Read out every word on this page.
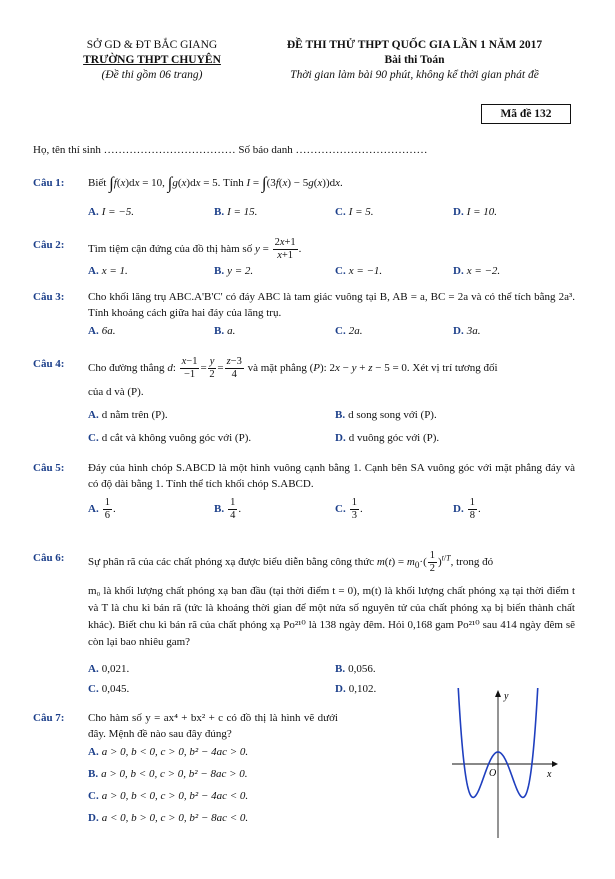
SỞ GD & ĐT BẮC GIANG
TRƯỜNG THPT CHUYÊN
(Đề thi gồm 06 trang)
ĐỀ THI THỬ THPT QUỐC GIA LẦN 1 NĂM 2017
Bài thi Toán
Thời gian làm bài 90 phút, không kể thời gian phát đề
Mã đề 132
Họ, tên thí sinh ……………………………… Số báo danh ………………………………
Câu 1: Biết ∫f(x)dx = 10, ∫g(x)dx = 5. Tính I = ∫(3f(x) − 5g(x))dx.
A. I = −5.	B. I = 15.	C. I = 5.	D. I = 10.
Câu 2: Tìm tiệm cận đứng của đồ thị hàm số $y = \frac{2x+1}{x+1}$ .
A. x = 1.	B. y = 2.	C. x = −1.	D. x = −2.
Câu 3: Cho khối lăng trụ ABC.A'B'C' có đáy ABC là tam giác vuông tại B, AB = a, BC = 2a và có thể tích bằng 2a³. Tính khoảng cách giữa hai đáy của lăng trụ.
A. 6a.	B. a.	C. 2a.	D. 3a.
Câu 4: Cho đường thẳng d: $\frac{x-1}{-1} = \frac{y}{2} = \frac{z-3}{4}$ và mặt phẳng (P): 2x − y + z − 5 = 0. Xét vị trí tương đối
của d và (P).
A. d nằm trên (P).	B. d song song với (P).
C. d cắt và không vuông góc với (P).	D. d vuông góc với (P).
Câu 5: Đáy của hình chóp S.ABCD là một hình vuông cạnh bằng 1. Cạnh bên SA vuông góc với mặt phẳng đáy và có độ dài bằng 1. Tính thể tích khối chóp S.ABCD.
A. $\frac{1}{6}$ .	B. $\frac{1}{4}$ .	C. $\frac{1}{3}$ .	D. $\frac{1}{8}$ .
Câu 6: Sự phân rã của các chất phóng xạ được biểu diễn bằng công thức $m(t) = m_0\cdot( \frac{1}{2} )^{t/T}$, trong đó
m₀ là khối lượng chất phóng xạ ban đầu (tại thời điểm t = 0), m(t) là khối lượng chất phóng xạ tại thời điểm t và T là chu kì bán rã (tức là khoảng thời gian để một nửa số nguyên tử của chất phóng xạ bị biến thành chất khác). Biết chu kì bán rã của chất phóng xạ Po²¹⁰ là 138 ngày đêm. Hỏi 0,168 gam Po²¹⁰ sau 414 ngày đêm sẽ còn lại bao nhiêu gam?
A. 0,021.	B. 0,056.
C. 0,045.	D. 0,102.
Câu 7: Cho hàm số y = ax⁴ + bx² + c có đồ thị là hình vẽ dưới đây. Mệnh đề nào sau đây đúng?
A. a > 0, b < 0, c > 0, b² − 4ac > 0.
B. a > 0, b < 0, c > 0, b² − 8ac > 0.
C. a > 0, b < 0, c > 0, b² − 4ac < 0.
D. a < 0, b > 0, c > 0, b² − 8ac < 0.
x
y
O
